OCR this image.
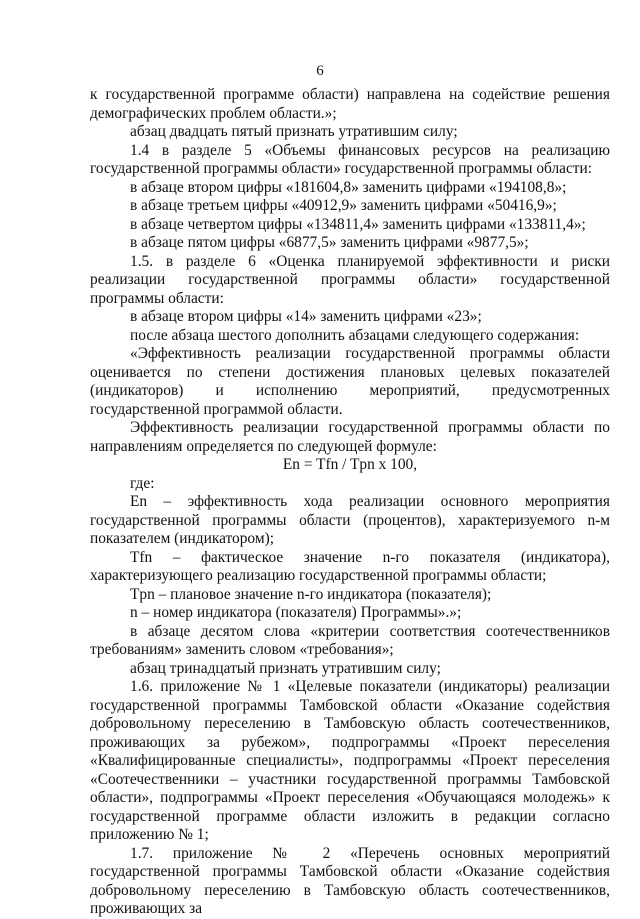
6

к государственной программе области) направлена на содействие решения демографических проблем области.»;

абзац двадцать пятый признать утратившим силу;

1.4 в разделе 5 «Объемы финансовых ресурсов на реализацию государственной программы области» государственной программы области:

в абзаце втором цифры «181604,8» заменить цифрами «194108,8»;

в абзаце третьем цифры «40912,9» заменить цифрами «50416,9»;

в абзаце четвертом цифры «134811,4» заменить цифрами «133811,4»;

в абзаце пятом цифры «6877,5» заменить цифрами «9877,5»;

1.5. в разделе 6 «Оценка планируемой эффективности и риски реализации государственной программы области» государственной программы области:

в абзаце втором цифры «14» заменить цифрами «23»;

после абзаца шестого дополнить абзацами следующего содержания:

«Эффективность реализации государственной программы области оценивается по степени достижения плановых целевых показателей (индикаторов) и исполнению мероприятий, предусмотренных государственной программой области.

Эффективность реализации государственной программы области по направлениям определяется по следующей формуле:

En = Tfn / Tpn x 100,

где:

En – эффективность хода реализации основного мероприятия государственной программы области (процентов), характеризуемого n-м показателем (индикатором);

Tfn – фактическое значение n-го показателя (индикатора), характеризующего реализацию государственной программы области;

Tpn – плановое значение n-го индикатора (показателя);

n – номер индикатора (показателя) Программы».»;

в абзаце десятом слова «критерии соответствия соотечественников требованиям» заменить словом «требования»;

абзац тринадцатый признать утратившим силу;

1.6. приложение № 1 «Целевые показатели (индикаторы) реализации государственной программы Тамбовской области «Оказание содействия добровольному переселению в Тамбовскую область соотечественников, проживающих за рубежом», подпрограммы «Проект переселения «Квалифицированные специалисты», подпрограммы «Проект переселения «Соотечественники – участники государственной программы Тамбовской области», подпрограммы «Проект переселения «Обучающаяся молодежь» к государственной программе области изложить в редакции согласно приложению № 1;

1.7. приложение № 2 «Перечень основных мероприятий государственной программы Тамбовской области «Оказание содействия добровольному переселению в Тамбовскую область соотечественников, проживающих за
